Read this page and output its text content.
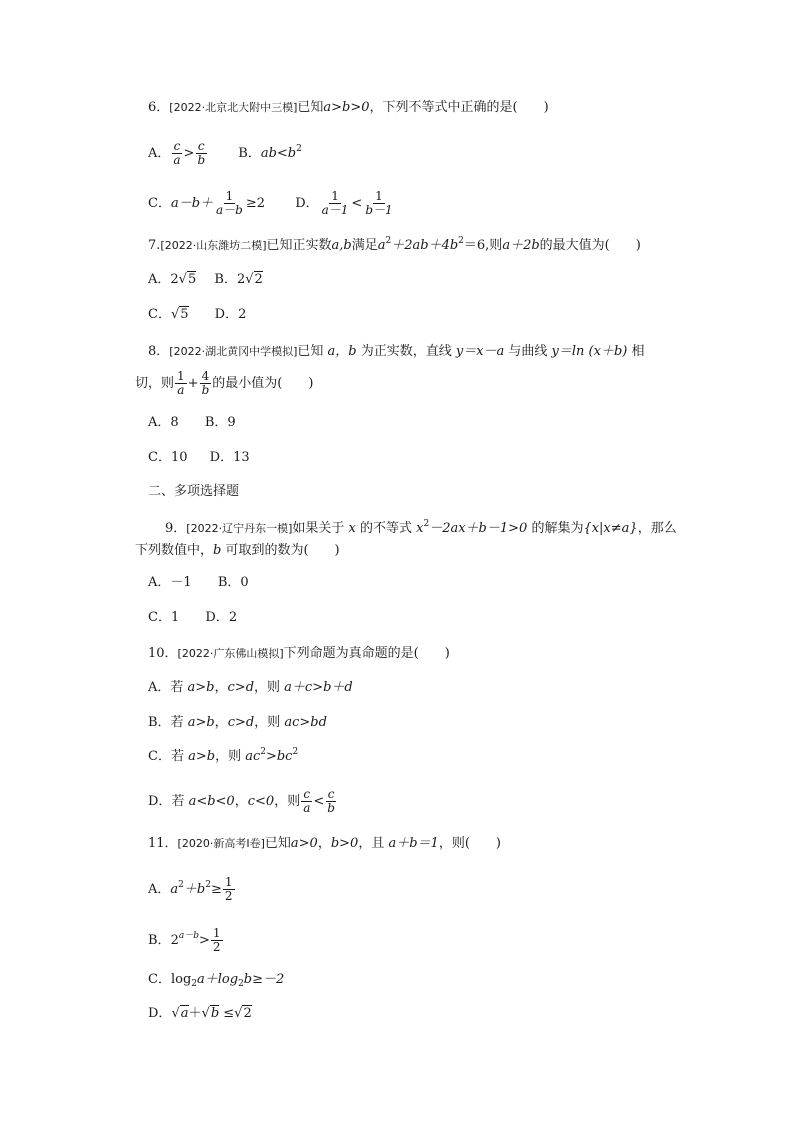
6．[2022·北京北大附中三模]已知a>b>0，下列不等式中正确的是(　　)
A． $\frac{c}{a} > \frac{c}{b}$ B．$ab<b^2$
C．$a-b+ \frac{1}{a-b} \ge 2$ D． $\frac{1}{a-1} < \frac{1}{b-1}$
7.[2022·山东潍坊二模]已知正实数a,b满足$a^2+2ab+4b^2=6$,则a＋2b的最大值为(　　)
A．2√5 B．2√2
C．√5 D．2
8．[2022·湖北黄冈中学模拟]已知 a，b 为正实数，直线 y＝x－a 与曲线 y＝ln (x＋b) 相
切，则 $\frac{1}{a} + \frac{4}{b}$ 的最小值为(　　)
A．8 B．9
C．10 D．13
二、多项选择题
9．[2022·辽宁丹东一模]如果关于 x 的不等式 $x^2-2ax+b-1>0$ 的解集为{x|x≠a}，那么
下列数值中，b 可取到的数为(　　)
A．－1 B．0
C．1 D．2
10．[2022·广东佛山模拟]下列命题为真命题的是(　　)
A．若 a>b，c>d，则 a＋c>b＋d
B．若 a>b，c>d，则 ac>bd
C．若 a>b，则 $ac^2>bc^2$
D．若 a<b<0，c<0，则 $\frac{c}{a} < \frac{c}{b}$
11．[2020·新高考Ⅰ卷]已知a>0，b>0，且 a＋b＝1，则(　　)
A．$a^2+b^2\ge \frac{1}{2}$
B．$2^{a-b}> \frac{1}{2}$
C．$\log_2a+\log_2b\ge-2$
D．√a＋√b ≤√2
